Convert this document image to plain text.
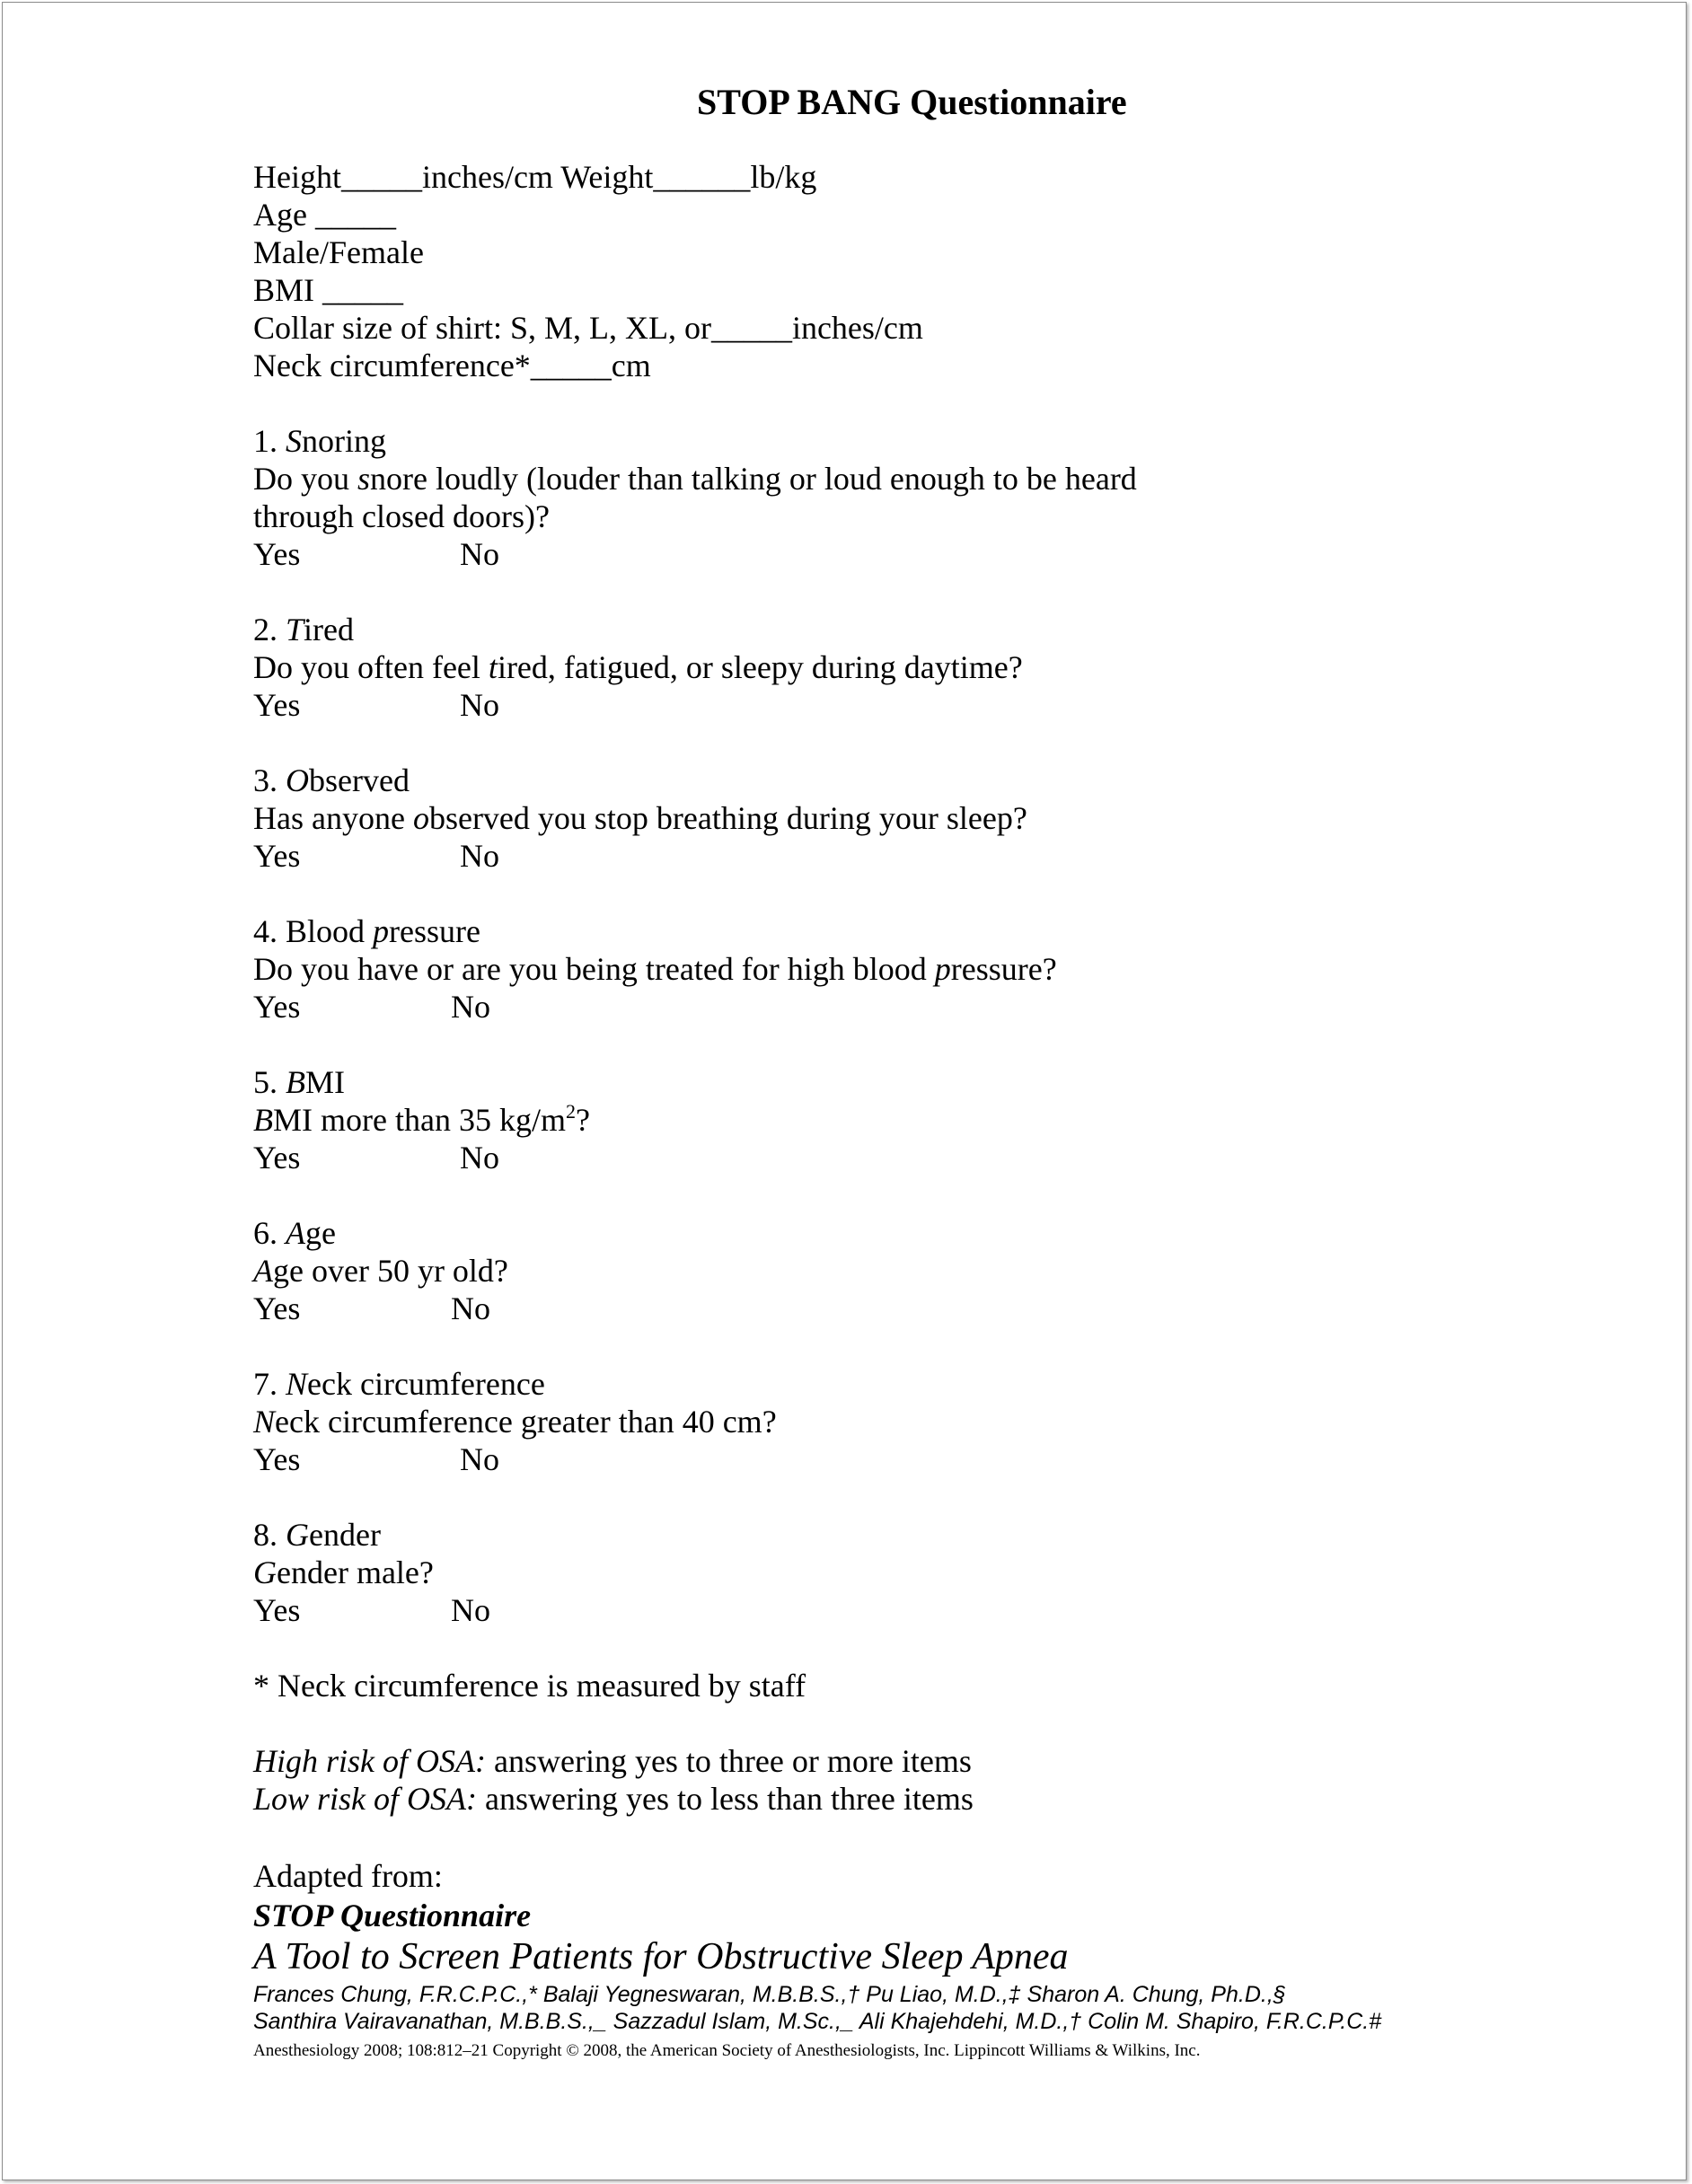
STOP BANG Questionnaire
Height_____inches/cm Weight______lb/kg
Age _____
Male/Female
BMI _____
Collar size of shirt: S, M, L, XL, or_____inches/cm
Neck circumference*_____cm
1. Snoring
Do you snore loudly (louder than talking or loud enough to be heard
through closed doors)?
Yes	No
2. Tired
Do you often feel tired, fatigued, or sleepy during daytime?
Yes	No
3. Observed
Has anyone observed you stop breathing during your sleep?
Yes	No
4. Blood pressure
Do you have or are you being treated for high blood pressure?
Yes	No
5. BMI
BMI more than 35 $kg/m^2$?
Yes	No
6. Age
Age over 50 yr old?
Yes	No
7. Neck circumference
Neck circumference greater than 40 cm?
Yes	No
8. Gender
Gender male?
Yes	No
* Neck circumference is measured by staff
High risk of OSA: answering yes to three or more items
Low risk of OSA: answering yes to less than three items
Adapted from:
STOP Questionnaire
A Tool to Screen Patients for Obstructive Sleep Apnea
Frances Chung, F.R.C.P.C.,* Balaji Yegneswaran, M.B.B.S.,† Pu Liao, M.D.,‡ Sharon A. Chung, Ph.D.,§
Santhira Vairavanathan, M.B.B.S.,_ Sazzadul Islam, M.Sc.,_ Ali Khajehdehi, M.D.,† Colin M. Shapiro, F.R.C.P.C.#
Anesthesiology 2008; 108:812–21 Copyright © 2008, the American Society of Anesthesiologists, Inc. Lippincott Williams & Wilkins, Inc.
